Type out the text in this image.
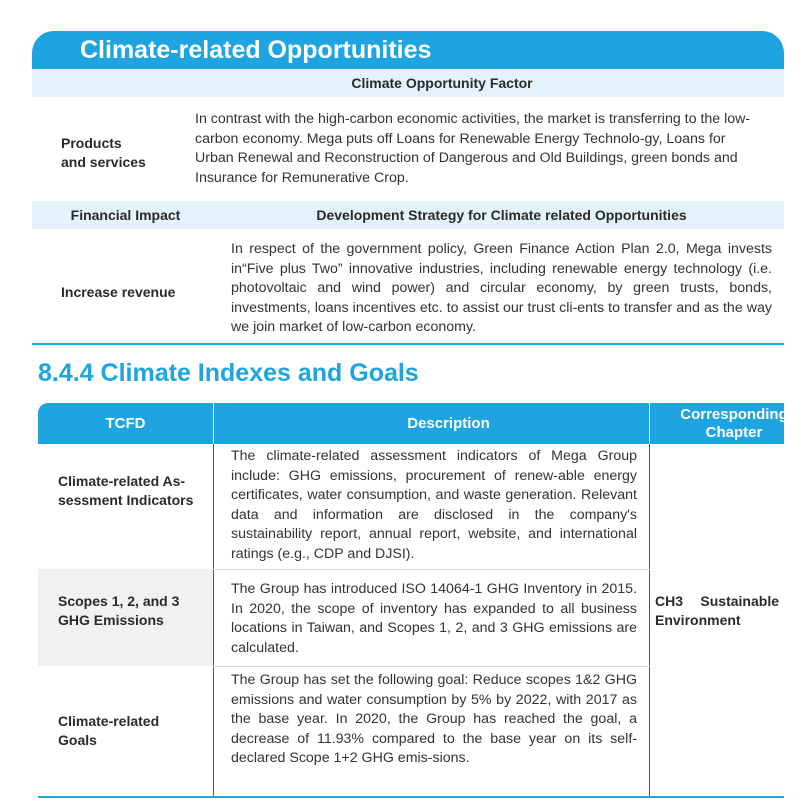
Climate-related Opportunities
Climate Opportunity Factor
Products
and services
In contrast with the high-carbon economic activities, the market is transferring to the low-carbon economy. Mega puts off Loans for Renewable Energy Technolo-gy, Loans for Urban Renewal and Reconstruction of Dangerous and Old Buildings, green bonds and Insurance for Remunerative Crop.
Financial Impact	Development Strategy for Climate related Opportunities
Increase revenue
In respect of the government policy, Green Finance Action Plan 2.0, Mega invests in“Five plus Two” innovative industries, including renewable energy technology (i.e. photovoltaic and wind power) and circular economy, by green trusts, bonds, investments, loans incentives etc. to assist our trust cli-ents to transfer and as the way we join market of low-carbon economy.
8.4.4 Climate Indexes and Goals
TCFD	Description
Corresponding
Chapter
Climate-related As-
sessment Indicators
The climate-related assessment indicators of Mega Group include: GHG emissions, procurement of renew-able energy certificates, water consumption, and waste generation. Relevant data and information are disclosed in the company's sustainability report, annual report, website, and international ratings (e.g., CDP and DJSI).
Scopes 1, 2, and 3
GHG Emissions
The Group has introduced ISO 14064-1 GHG Inventory in 2015. In 2020, the scope of inventory has expanded to all business locations in Taiwan, and Scopes 1, 2, and 3 GHG emissions are calculated.
Climate-related
Goals
The Group has set the following goal: Reduce scopes 1&2 GHG emissions and water consumption by 5% by 2022, with 2017 as the base year. In 2020, the Group has reached the goal, a decrease of 11.93% compared to the base year on its self-declared Scope 1+2 GHG emis-sions.
CH3 Sustainable Environment
